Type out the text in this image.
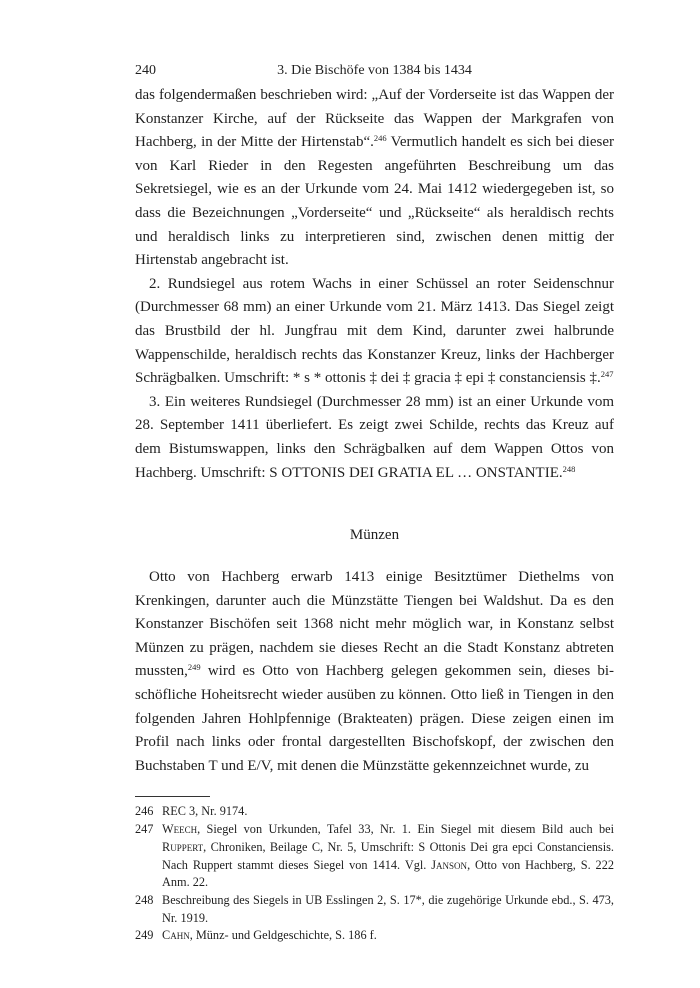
240	3. Die Bischöfe von 1384 bis 1434

das folgendermaßen beschrieben wird: „Auf der Vorderseite ist das Wappen der Konstanzer Kirche, auf der Rückseite das Wappen der Markgrafen von Hachberg, in der Mitte der Hirtenstab“.$^{246}$ Vermutlich handelt es sich bei dieser von Karl Rieder in den Regesten angeführten Beschreibung um das Sekretsiegel, wie es an der Urkunde vom 24. Mai 1412 wiedergegeben ist, so dass die Bezeichnungen „Vorderseite“ und „Rückseite“ als heraldisch rechts und heraldisch links zu interpretieren sind, zwischen denen mittig der Hirtenstab angebracht ist.

2. Rundsiegel aus rotem Wachs in einer Schüssel an roter Seidenschnur (Durchmesser 68 mm) an einer Urkunde vom 21. März 1413. Das Siegel zeigt das Brustbild der hl. Jungfrau mit dem Kind, darunter zwei halbrunde Wappenschilde, heraldisch rechts das Konstanzer Kreuz, links der Hachberger Schrägbalken. Umschrift: * s * ottonis ‡ dei ‡ gracia ‡ epi ‡ constanciensis ‡.$^{247}$

3. Ein weiteres Rundsiegel (Durchmesser 28 mm) ist an einer Urkunde vom 28. September 1411 überliefert. Es zeigt zwei Schilde, rechts das Kreuz auf dem Bistumswappen, links den Schrägbalken auf dem Wappen Ottos von Hachberg. Umschrift: S OTTONIS DEI GRATIA EL … ONSTANTIE.$^{248}$

Münzen

Otto von Hachberg erwarb 1413 einige Besitztümer Diethelms von Krenkingen, darunter auch die Münzstätte Tiengen bei Waldshut. Da es den Konstanzer Bischöfen seit 1368 nicht mehr möglich war, in Konstanz selbst Münzen zu prägen, nachdem sie dieses Recht an die Stadt Konstanz abtreten mussten,$^{249}$ wird es Otto von Hachberg gelegen gekommen sein, dieses bischöfliche Hoheitsrecht wieder ausüben zu können. Otto ließ in Tiengen in den folgenden Jahren Hohlpfennige (Brakteaten) prägen. Diese zeigen einen im Profil nach links oder frontal dargestellten Bischofskopf, der zwischen den Buchstaben T und E/V, mit denen die Münzstätte gekennzeichnet wurde, zu

246 REC 3, Nr. 9174.
247 Weech, Siegel von Urkunden, Tafel 33, Nr. 1. Ein Siegel mit diesem Bild auch bei Ruppert, Chroniken, Beilage C, Nr. 5, Umschrift: S Ottonis Dei gra epci Constanciensis. Nach Ruppert stammt dieses Siegel von 1414. Vgl. Janson, Otto von Hachberg, S. 222 Anm. 22.
248 Beschreibung des Siegels in UB Esslingen 2, S. 17*, die zugehörige Urkunde ebd., S. 473, Nr. 1919.
249 Cahn, Münz- und Geldgeschichte, S. 186 f.
